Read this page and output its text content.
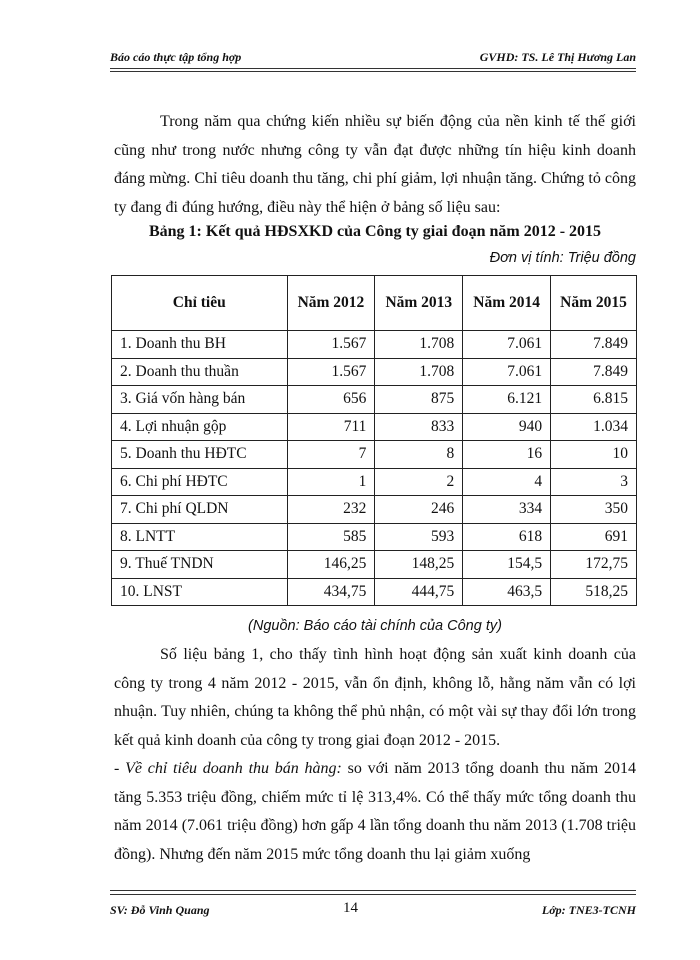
Báo cáo thực tập tổng hợp	GVHD: TS. Lê Thị Hương Lan

Trong năm qua chứng kiến nhiều sự biến động của nền kinh tế thế giới cũng như trong nước nhưng công ty vẫn đạt được những tín hiệu kinh doanh đáng mừng. Chỉ tiêu doanh thu tăng, chi phí giảm, lợi nhuận tăng. Chứng tỏ công ty đang đi đúng hướng, điều này thể hiện ở bảng số liệu sau:

Bảng 1: Kết quả HĐSXKD của Công ty giai đoạn năm 2012 - 2015

Đơn vị tính: Triệu đồng
Chỉ tiêu	Năm 2012	Năm 2013	Năm 2014	Năm 2015
1. Doanh thu BH	1.567	1.708	7.061	7.849
2. Doanh thu thuần	1.567	1.708	7.061	7.849
3. Giá vốn hàng bán	656	875	6.121	6.815
4. Lợi nhuận gộp	711	833	940	1.034
5. Doanh thu HĐTC	7	8	16	10
6. Chi phí HĐTC	1	2	4	3
7. Chi phí QLDN	232	246	334	350
8. LNTT	585	593	618	691
9. Thuế TNDN	146,25	148,25	154,5	172,75
10. LNST	434,75	444,75	463,5	518,25
(Nguồn: Báo cáo tài chính của Công ty)

Số liệu bảng 1, cho thấy tình hình hoạt động sản xuất kinh doanh của công ty trong 4 năm 2012 - 2015, vẫn ổn định, không lỗ, hằng năm vẫn có lợi nhuận. Tuy nhiên, chúng ta không thể phủ nhận, có một vài sự thay đổi lớn trong kết quả kinh doanh của công ty trong giai đoạn 2012 - 2015.

- Về chỉ tiêu doanh thu bán hàng: so với năm 2013 tổng doanh thu năm 2014 tăng 5.353 triệu đồng, chiếm mức tỉ lệ 313,4%. Có thể thấy mức tổng doanh thu năm 2014 (7.061 triệu đồng) hơn gấp 4 lần tổng doanh thu năm 2013 (1.708 triệu đồng). Nhưng đến năm 2015 mức tổng doanh thu lại giảm xuống

SV: Đỗ Vinh Quang	14	Lớp: TNE3-TCNH
